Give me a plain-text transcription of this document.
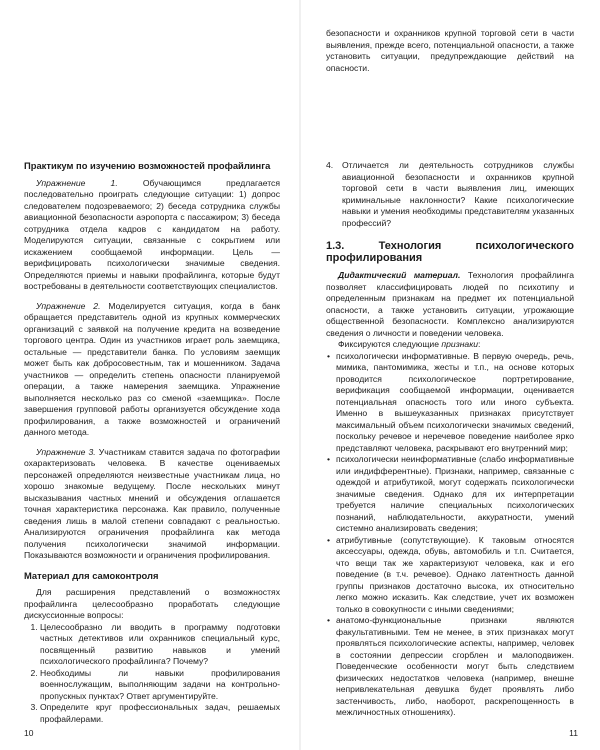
Практикум по изучению возможностей профайлинга

Упражнение 1.	Обучающимся предлагается последовательно проиграть следующие ситуации: 1) допрос следователем подозреваемого; 2) беседа сотрудника службы авиационной безопасности аэропорта с пассажиром; 3) беседа сотрудника отдела кадров с кандидатом на работу. Моделируются ситуации, связанные с сокрытием или искажением сообщаемой информации. Цель — верифицировать психологически значимые сведения. Определяются приемы и навыки профайлинга, которые будут востребованы в деятельности соответствующих специалистов.

Упражнение 2. Моделируется ситуация, когда в банк обращается представитель одной из крупных коммерческих организаций с заявкой на получение кредита на возведение торгового центра. Один из участников играет роль заемщика, остальные — представители банка. По условиям заемщик может быть как добросовестным, так и мошенником. Задача участников — определить степень опасности планируемой операции, а также намерения заемщика. Упражнение выполняется несколько раз со сменой «заемщика». После завершения групповой работы организуется обсуждение хода профилирования, а также возможностей и ограничений данного метода.

Упражнение 3. Участникам ставится задача по фотографии охарактеризовать человека. В качестве оцениваемых персонажей определяются неизвестные участникам лица, но хорошо знакомые ведущему. После нескольких минут высказывания частных мнений и обсуждения оглашается точная характеристика персонажа. Как правило, полученные сведения лишь в малой степени совпадают с реальностью. Анализируются ограничения профайлинга как метода получения психологически значимой информации. Показываются возможности и ограничения профилирования.

Материал для самоконтроля

Для расширения представлений о возможностях профайлинга целесообразно проработать следующие дискуссионные вопросы:

1. Целесообразно ли вводить в программу подготовки частных детективов или охранников специальный курс, посвященный развитию навыков и умений психологического профайлинга? Почему?
2. Необходимы ли навыки профилирования военнослужащим, выполняющим задачи на контрольно-пропускных пунктах? Ответ аргументируйте.
3. Определите круг профессиональных задач, решаемых профайлерами.
10

безопасности и охранников крупной торговой сети в части выявления, прежде всего, потенциальной опасности, а также установить ситуации, предупреждающие действий на опасности.

4. Отличается ли деятельность сотрудников службы авиационной безопасности и охранников крупной торговой сети в части выявления лиц, имеющих криминальные наклонности? Какие психологические навыки и умения необходимы представителям указанных профессий?

1.3. Технология психологического профилирования

Дидактический материал. Технология профайлинга позволяет классифицировать людей по психотипу и определенным признакам на предмет их потенциальной опасности, а также установить ситуации, угрожающие общественной безопасности. Комплексно анализируются сведения о личности и поведении человека.

Фиксируются следующие признаки:

• психологически информативные. В первую очередь, речь, мимика, пантомимика, жесты и т.п., на основе которых проводится психологическое портретирование, верификация сообщаемой информации, оценивается потенциальная опасность того или иного субъекта. Именно в вышеуказанных признаках присутствует максимальный объем психологически значимых сведений, поскольку речевое и неречевое поведение наиболее ярко представляют человека, раскрывают его внутренний мир;
• психологически неинформативные (слабо информативные или индифферентные). Признаки, например, связанные с одеждой и атрибутикой, могут содержать психологически значимые сведения. Однако для их интерпретации требуется наличие специальных психологических познаний, наблюдательности, аккуратности, умений системно анализировать сведения;
• атрибутивные (сопутствующие). К таковым относятся аксессуары, одежда, обувь, автомобиль и т.п. Считается, что вещи так же характеризуют человека, как и его поведение (в т.ч. речевое). Однако латентность данной группы признаков достаточно высока, их относительно легко можно исказить. Как следствие, учет их возможен только в совокупности с иными сведениями;
• анатомо-функциональные признаки являются факультативными. Тем не менее, в этих признаках могут проявляться психологические аспекты, например, человек в состоянии депрессии сгорблен и малоподвижен. Поведенческие особенности могут быть следствием физических недостатков человека (например, внешне непривлекательная девушка будет проявлять либо застенчивость, либо, наоборот, раскрепощенность в межличностных отношениях).
11
